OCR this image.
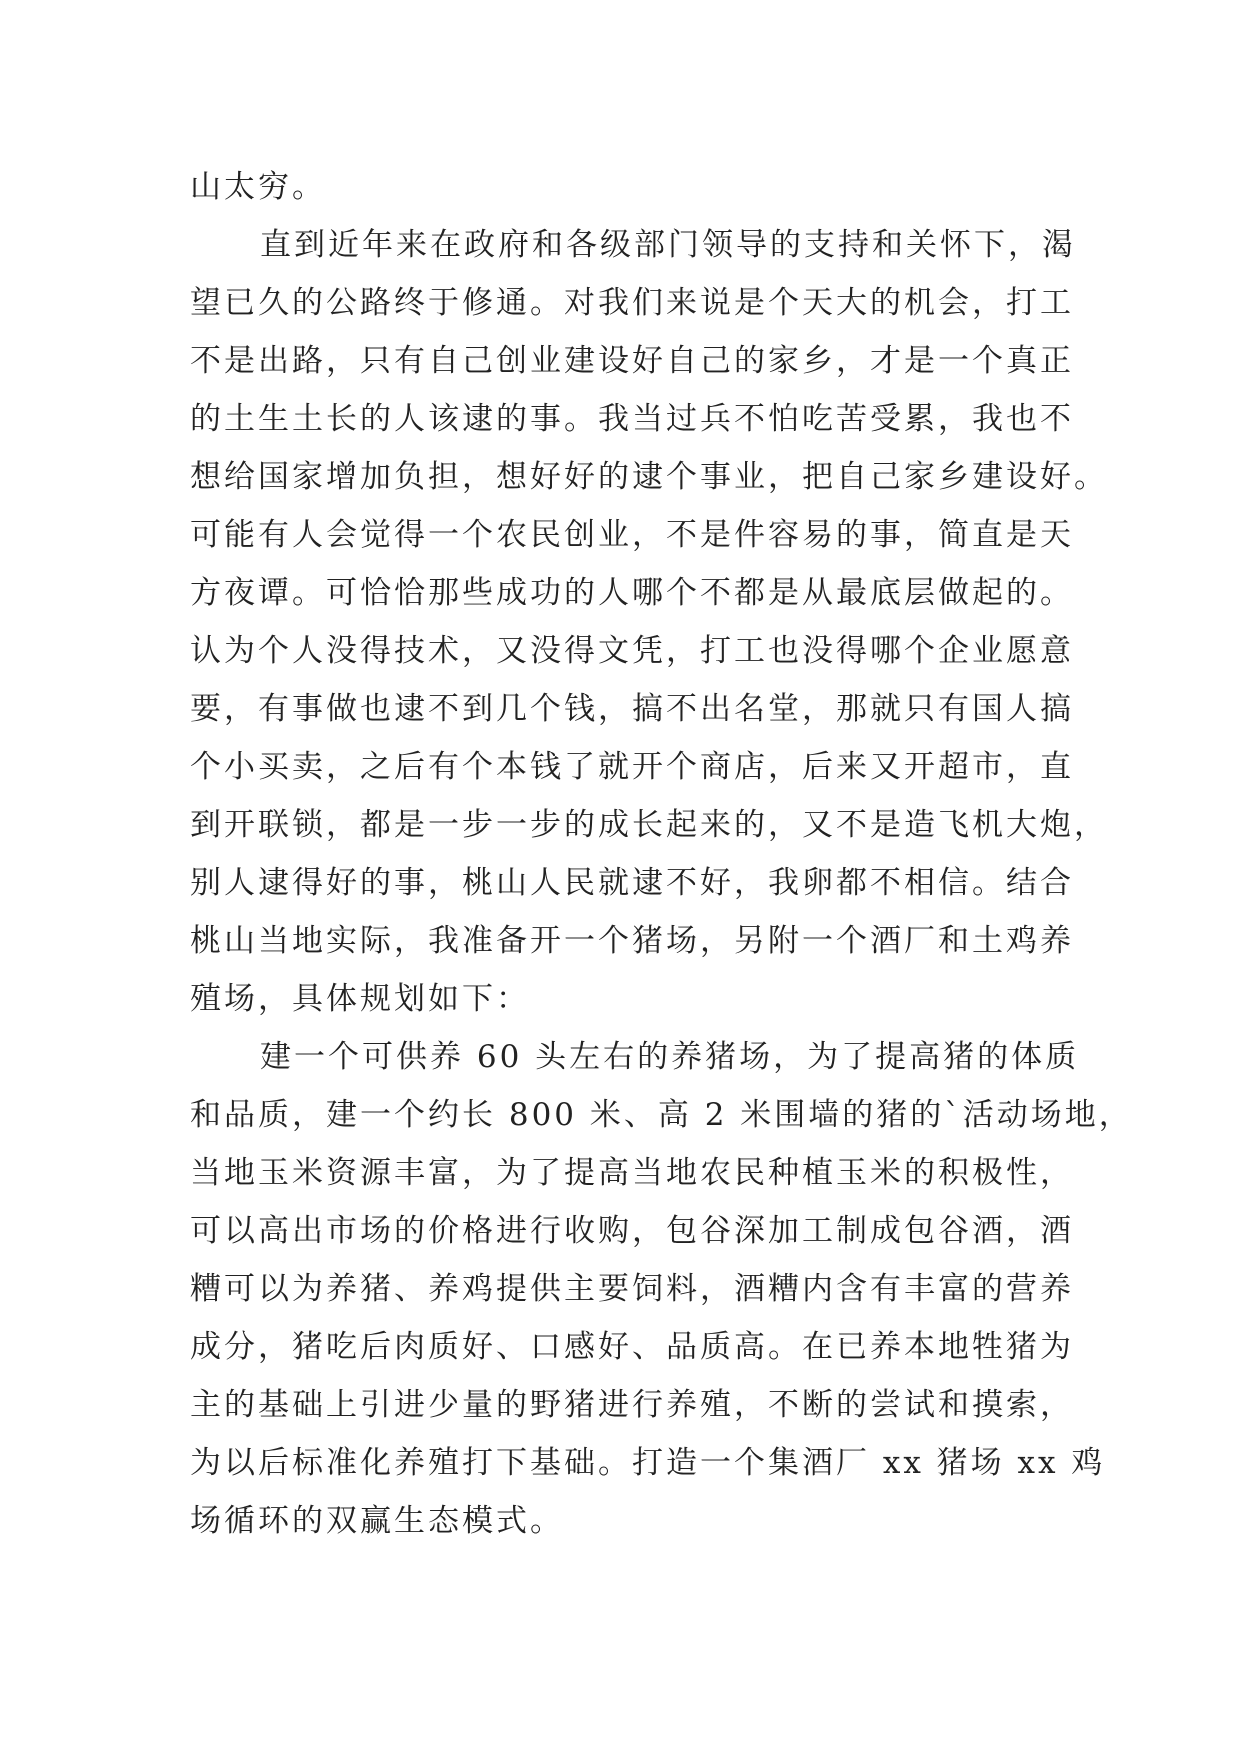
山太穷。
直到近年来在政府和各级部门领导的支持和关怀下，渴
望已久的公路终于修通。对我们来说是个天大的机会，打工
不是出路，只有自己创业建设好自己的家乡，才是一个真正
的土生土长的人该逮的事。我当过兵不怕吃苦受累，我也不
想给国家增加负担，想好好的逮个事业，把自己家乡建设好。
可能有人会觉得一个农民创业，不是件容易的事，简直是天
方夜谭。可恰恰那些成功的人哪个不都是从最底层做起的。
认为个人没得技术，又没得文凭，打工也没得哪个企业愿意
要，有事做也逮不到几个钱，搞不出名堂，那就只有国人搞
个小买卖，之后有个本钱了就开个商店，后来又开超市，直
到开联锁，都是一步一步的成长起来的，又不是造飞机大炮，
别人逮得好的事，桃山人民就逮不好，我卵都不相信。结合
桃山当地实际，我准备开一个猪场，另附一个酒厂和土鸡养
殖场，具体规划如下：
建一个可供养 60 头左右的养猪场，为了提高猪的体质
和品质，建一个约长 800 米、高 2 米围墙的猪的`活动场地，
当地玉米资源丰富，为了提高当地农民种植玉米的积极性，
可以高出市场的价格进行收购，包谷深加工制成包谷酒，酒
糟可以为养猪、养鸡提供主要饲料，酒糟内含有丰富的营养
成分，猪吃后肉质好、口感好、品质高。在已养本地牲猪为
主的基础上引进少量的野猪进行养殖，不断的尝试和摸索，
为以后标准化养殖打下基础。打造一个集酒厂 xx 猪场 xx 鸡
场循环的双赢生态模式。
